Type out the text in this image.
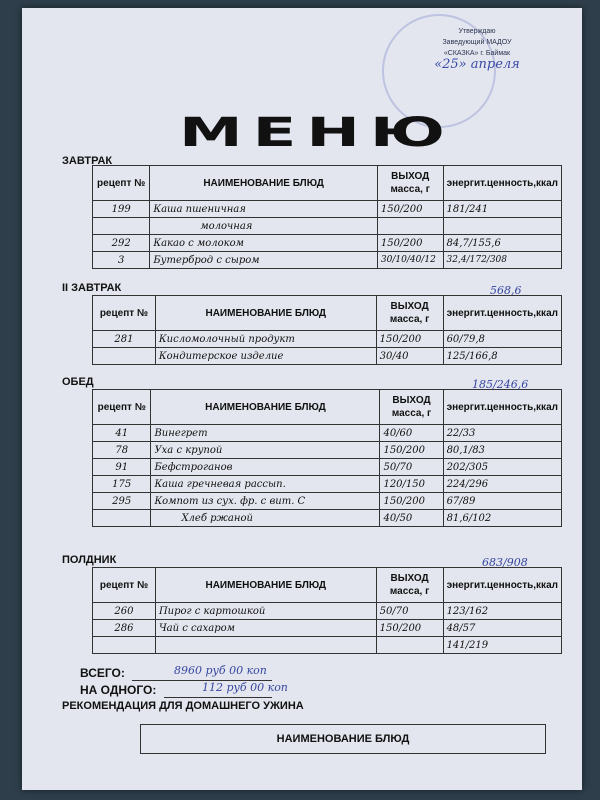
Утверждаю
Заведующий МАДОУ
«СКАЗКА» г. Баймак
«25» апреля
МЕНЮ
ЗАВТРАК
II ЗАВТРАК
ОБЕД
ПОЛДНИК
рецепт №	НАИМЕНОВАНИЕ БЛЮД	ВЫХОД масса, г	энергит.ценность,ккал
199	Каша пшеничная	150/200	181/241
	молочная		
292	Какао с молоком	150/200	84,7/155,6
3	Бутерброд с сыром	30/10/40/12	32,4/172/308
568,6
рецепт №	НАИМЕНОВАНИЕ БЛЮД	ВЫХОД масса, г	энергит.ценность,ккал
281	Кисломолочный продукт	150/200	60/79,8
	Кондитерское изделие	30/40	125/166,8
185/246,6
рецепт №	НАИМЕНОВАНИЕ БЛЮД	ВЫХОД масса, г	энергит.ценность,ккал
41	Винегрет	40/60	22/33
78	Уха с крупой	150/200	80,1/83
91	Бефстроганов	50/70	202/305
175	Каша гречневая рассып.	120/150	224/296
295	Компот из сух. фр. с вит. С	150/200	67/89
	Хлеб ржаной	40/50	81,6/102
683/908
рецепт №	НАИМЕНОВАНИЕ БЛЮД	ВЫХОД масса, г	энергит.ценность,ккал
260	Пирог с картошкой	50/70	123/162
286	Чай с сахаром	150/200	48/57
			141/219
ВСЕГО:	8960 руб 00 коп
НА ОДНОГО:	112 руб 00 коп
РЕКОМЕНДАЦИЯ ДЛЯ ДОМАШНЕГО УЖИНА
НАИМЕНОВАНИЕ БЛЮД
